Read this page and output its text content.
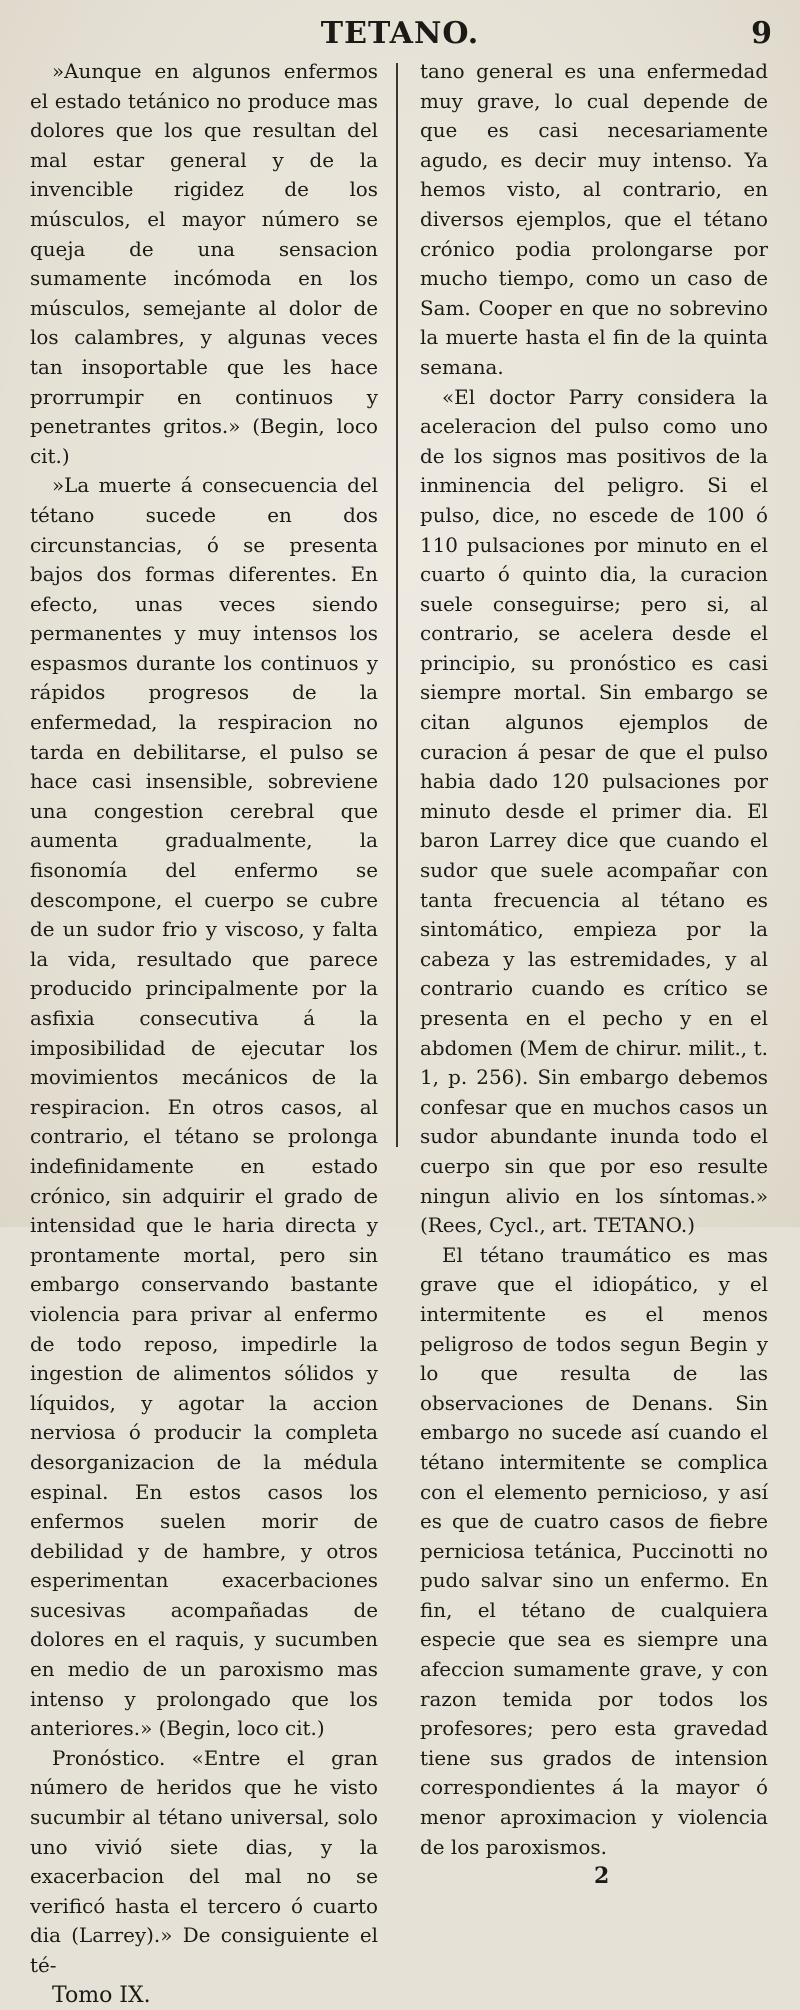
TETANO.	9

»Aunque en algunos enfermos el estado tetánico no produce mas dolores que los que resultan del mal estar general y de la invencible rigidez de los músculos, el mayor número se queja de una sensacion sumamente incómoda en los músculos, semejante al dolor de los calambres, y algunas veces tan insoportable que les hace prorrumpir en continuos y penetrantes gritos.» (Begin, loco cit.)

»La muerte á consecuencia del tétano sucede en dos circunstancias, ó se presenta bajos dos formas diferentes. En efecto, unas veces siendo permanentes y muy intensos los espasmos durante los continuos y rápidos progresos de la enfermedad, la respiracion no tarda en debilitarse, el pulso se hace casi insensible, sobreviene una congestion cerebral que aumenta gradualmente, la fisonomía del enfermo se descompone, el cuerpo se cubre de un sudor frio y viscoso, y falta la vida, resultado que parece producido principalmente por la asfixia consecutiva á la imposibilidad de ejecutar los movimientos mecánicos de la respiracion. En otros casos, al contrario, el tétano se prolonga indefinidamente en estado crónico, sin adquirir el grado de intensidad que le haria directa y prontamente mortal, pero sin embargo conservando bastante violencia para privar al enfermo de todo reposo, impedirle la ingestion de alimentos sólidos y líquidos, y agotar la accion nerviosa ó producir la completa desorganizacion de la médula espinal. En estos casos los enfermos suelen morir de debilidad y de hambre, y otros esperimentan exacerbaciones sucesivas acompañadas de dolores en el raquis, y sucumben en medio de un paroxismo mas intenso y prolongado que los anteriores.» (Begin, loco cit.)

Pronóstico. «Entre el gran número de heridos que he visto sucumbir al tétano universal, solo uno vivió siete dias, y la exacerbacion del mal no se verificó hasta el tercero ó cuarto dia (Larrey).» De consiguiente el té-

Tomo IX.

tano general es una enfermedad muy grave, lo cual depende de que es casi necesariamente agudo, es decir muy intenso. Ya hemos visto, al contrario, en diversos ejemplos, que el tétano crónico podia prolongarse por mucho tiempo, como un caso de Sam. Cooper en que no sobrevino la muerte hasta el fin de la quinta semana.

«El doctor Parry considera la aceleracion del pulso como uno de los signos mas positivos de la inminencia del peligro. Si el pulso, dice, no escede de 100 ó 110 pulsaciones por minuto en el cuarto ó quinto dia, la curacion suele conseguirse; pero si, al contrario, se acelera desde el principio, su pronóstico es casi siempre mortal. Sin embargo se citan algunos ejemplos de curacion á pesar de que el pulso habia dado 120 pulsaciones por minuto desde el primer dia. El baron Larrey dice que cuando el sudor que suele acompañar con tanta frecuencia al tétano es sintomático, empieza por la cabeza y las estremidades, y al contrario cuando es crítico se presenta en el pecho y en el abdomen (Mem de chirur. milit., t. 1, p. 256). Sin embargo debemos confesar que en muchos casos un sudor abundante inunda todo el cuerpo sin que por eso resulte ningun alivio en los síntomas.» (Rees, Cycl., art. TETANO.)

El tétano traumático es mas grave que el idiopático, y el intermitente es el menos peligroso de todos segun Begin y lo que resulta de las observaciones de Denans. Sin embargo no sucede así cuando el tétano intermitente se complica con el elemento pernicioso, y así es que de cuatro casos de fiebre perniciosa tetánica, Puccinotti no pudo salvar sino un enfermo. En fin, el tétano de cualquiera especie que sea es siempre una afeccion sumamente grave, y con razon temida por todos los profesores; pero esta gravedad tiene sus grados de intension correspondientes á la mayor ó menor aproximacion y violencia de los paroxismos.

2
